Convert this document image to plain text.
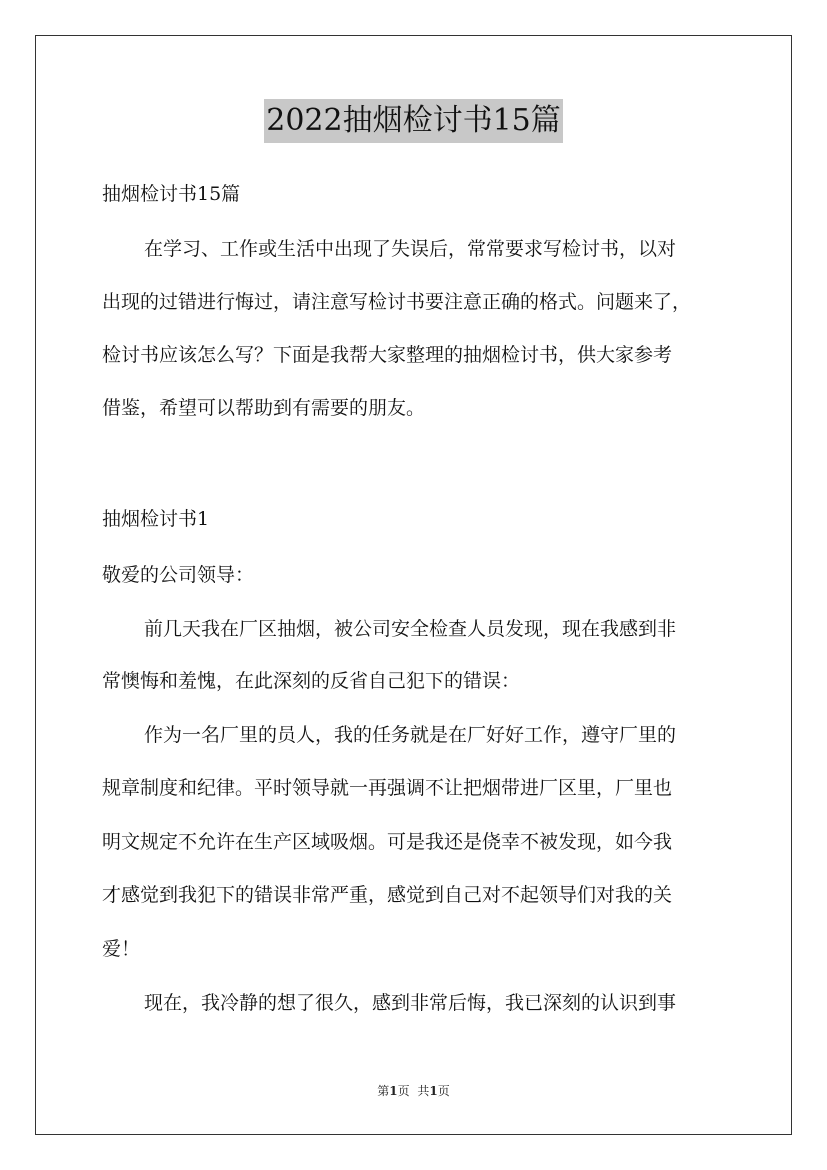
2022抽烟检讨书15篇
抽烟检讨书15篇
在学习、工作或生活中出现了失误后，常常要求写检讨书，以对
出现的过错进行悔过，请注意写检讨书要注意正确的格式。问题来了，
检讨书应该怎么写？下面是我帮大家整理的抽烟检讨书，供大家参考
借鉴，希望可以帮助到有需要的朋友。
抽烟检讨书1
敬爱的公司领导：
前几天我在厂区抽烟，被公司安全检查人员发现，现在我感到非
常懊悔和羞愧，在此深刻的反省自己犯下的错误：
作为一名厂里的员人，我的任务就是在厂好好工作，遵守厂里的
规章制度和纪律。平时领导就一再强调不让把烟带进厂区里，厂里也
明文规定不允许在生产区域吸烟。可是我还是侥幸不被发现，如今我
才感觉到我犯下的错误非常严重，感觉到自己对不起领导们对我的关
爱！
现在，我冷静的想了很久，感到非常后悔，我已深刻的认识到事
第1页 共1页
